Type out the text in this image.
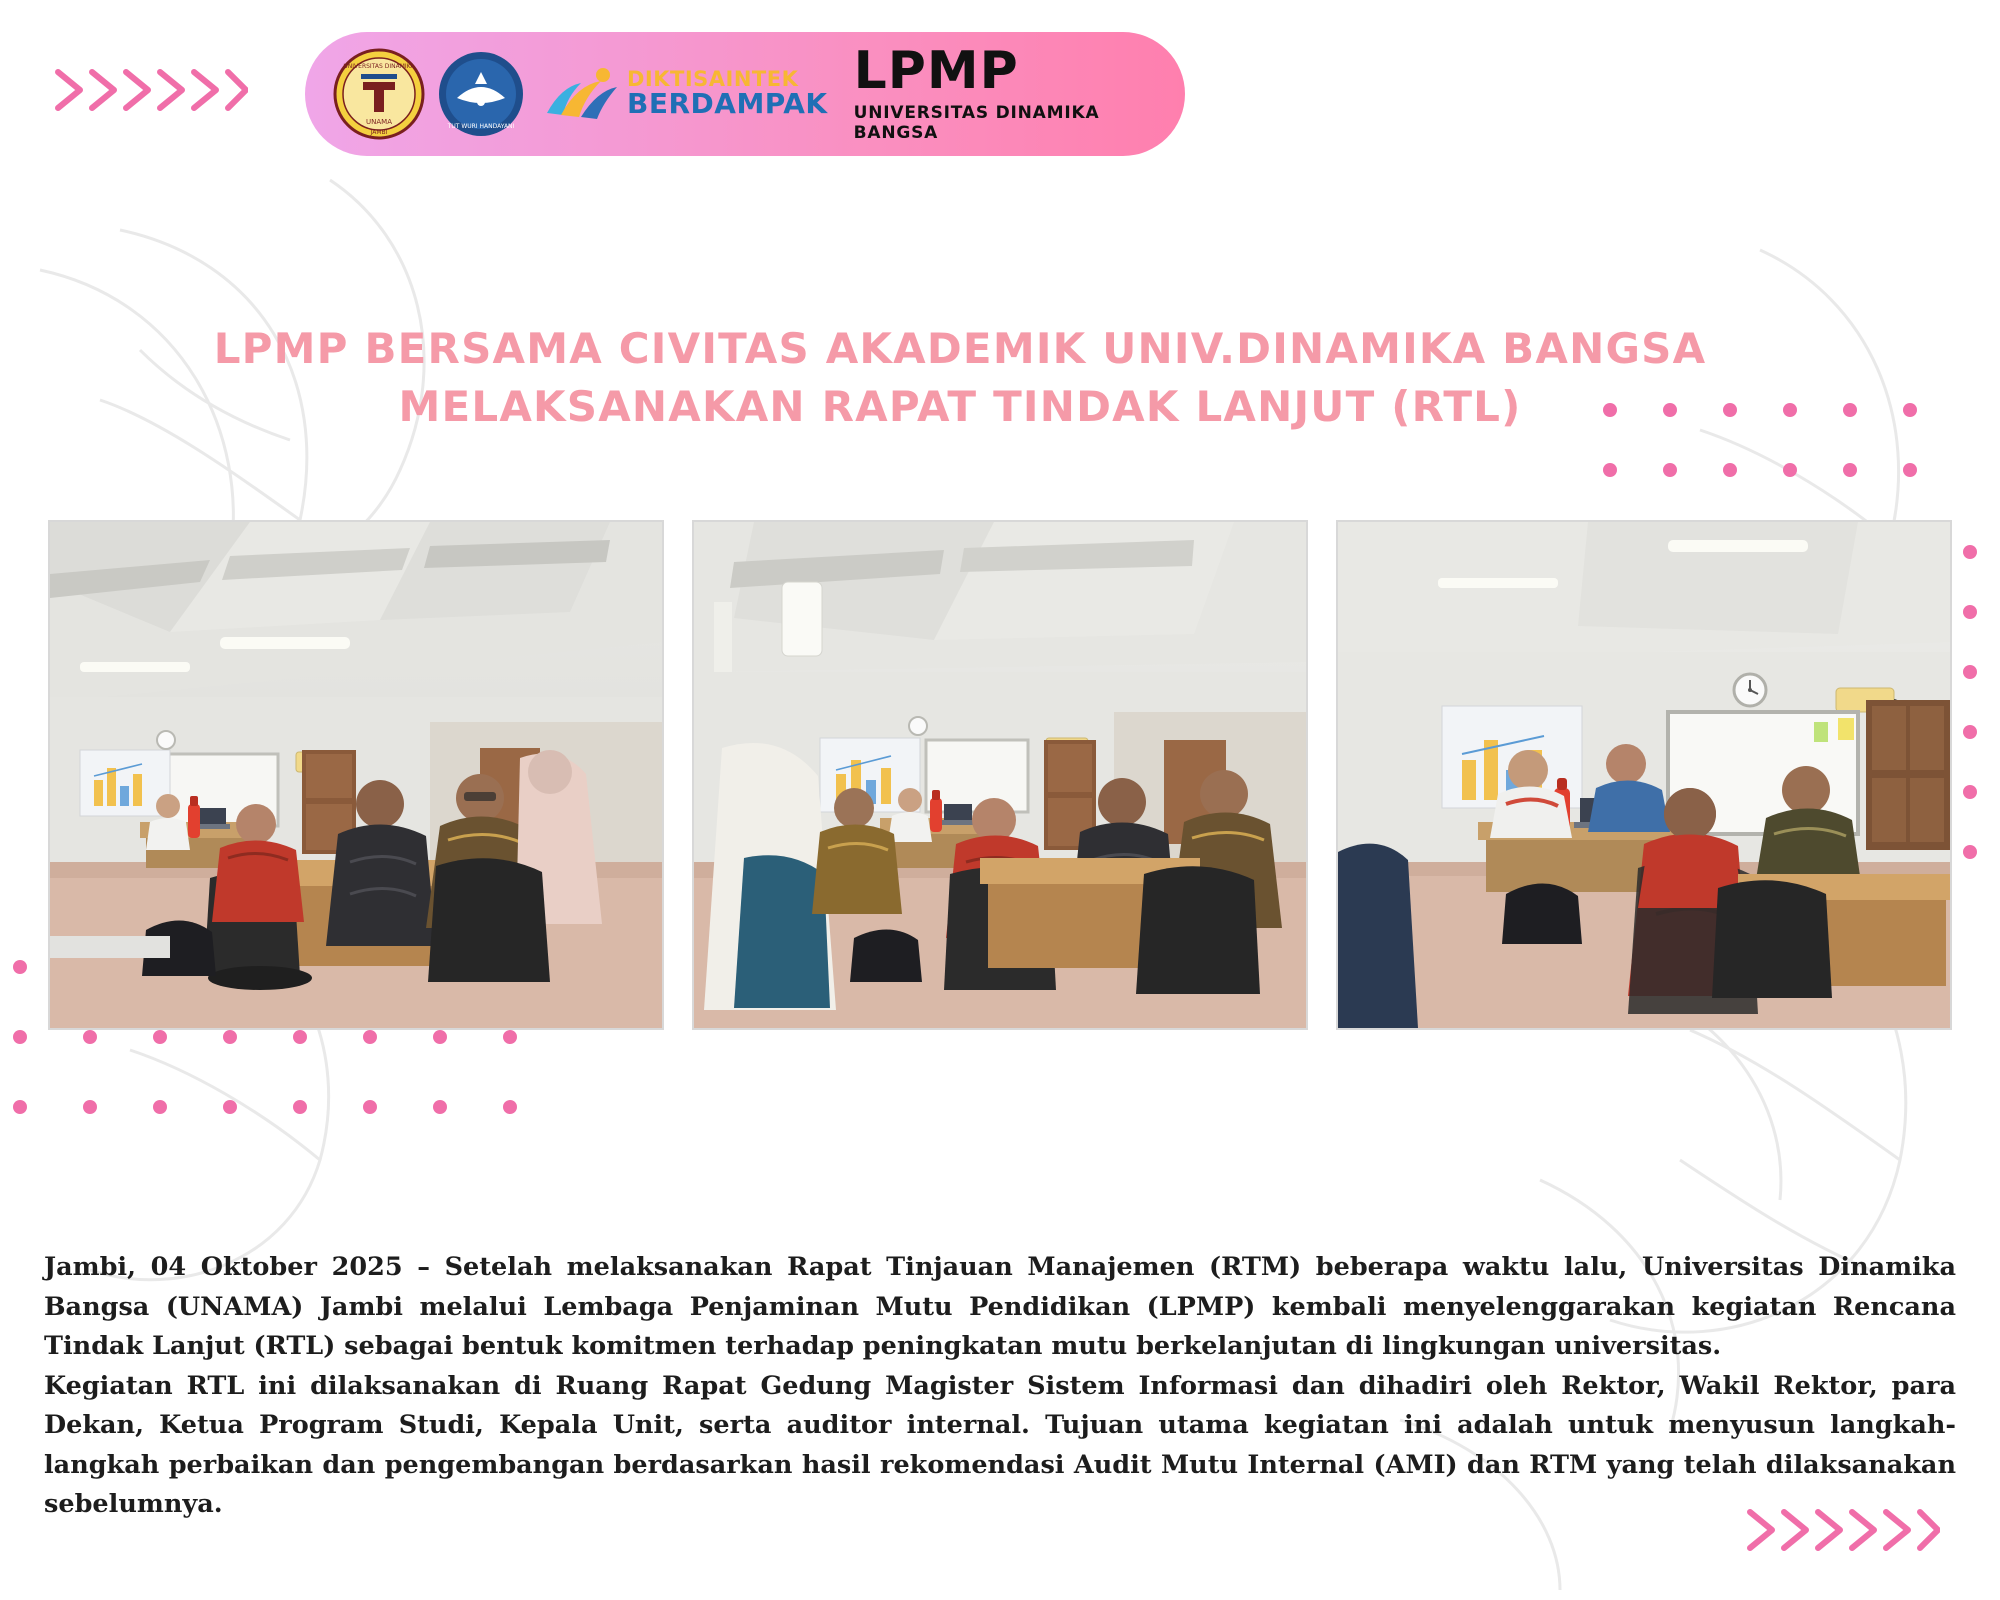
UNIVERSITAS DINAMIKA
UNAMA
JAMBI
TUT WURI HANDAYANI
DIKTISAINTEK
BERDAMPAK
LPMP
UNIVERSITAS DINAMIKA BANGSA
LPMP BERSAMA CIVITAS AKADEMIK UNIV.DINAMIKA BANGSA
MELAKSANAKAN RAPAT TINDAK LANJUT (RTL)

Jambi, 04 Oktober 2025 – Setelah melaksanakan Rapat Tinjauan Manajemen (RTM) beberapa waktu lalu, Universitas Dinamika Bangsa (UNAMA) Jambi melalui Lembaga Penjaminan Mutu Pendidikan (LPMP) kembali menyelenggarakan kegiatan Rencana Tindak Lanjut (RTL) sebagai bentuk komitmen terhadap peningkatan mutu berkelanjutan di lingkungan universitas.

Kegiatan RTL ini dilaksanakan di Ruang Rapat Gedung Magister Sistem Informasi dan dihadiri oleh Rektor, Wakil Rektor, para Dekan, Ketua Program Studi, Kepala Unit, serta auditor internal. Tujuan utama kegiatan ini adalah untuk menyusun langkah-langkah perbaikan dan pengembangan berdasarkan hasil rekomendasi Audit Mutu Internal (AMI) dan RTM yang telah dilaksanakan sebelumnya.
